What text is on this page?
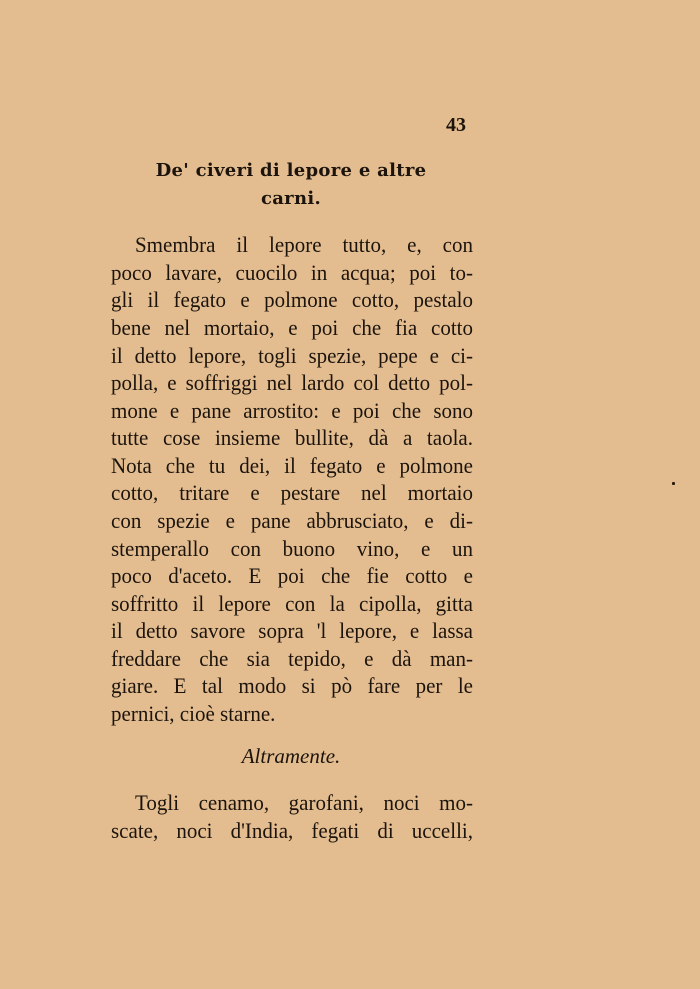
43
De' civeri di lepore e altre
carni.
Smembra il lepore tutto, e, con
poco lavare, cuocilo in acqua; poi to-
gli il fegato e polmone cotto, pestalo
bene nel mortaio, e poi che fia cotto
il detto lepore, togli spezie, pepe e ci-
polla, e soffriggi nel lardo col detto pol-
mone e pane arrostito: e poi che sono
tutte cose insieme bullite, dà a taola.
Nota che tu dei, il fegato e polmone
cotto, tritare e pestare nel mortaio
con spezie e pane abbrusciato, e di-
stemperallo con buono vino, e un
poco d'aceto. E poi che fie cotto e
soffritto il lepore con la cipolla, gitta
il detto savore sopra 'l lepore, e lassa
freddare che sia tepido, e dà man-
giare. E tal modo si pò fare per le
pernici, cioè starne.
Altramente.
Togli cenamo, garofani, noci mo-
scate, noci d'India, fegati di uccelli,
